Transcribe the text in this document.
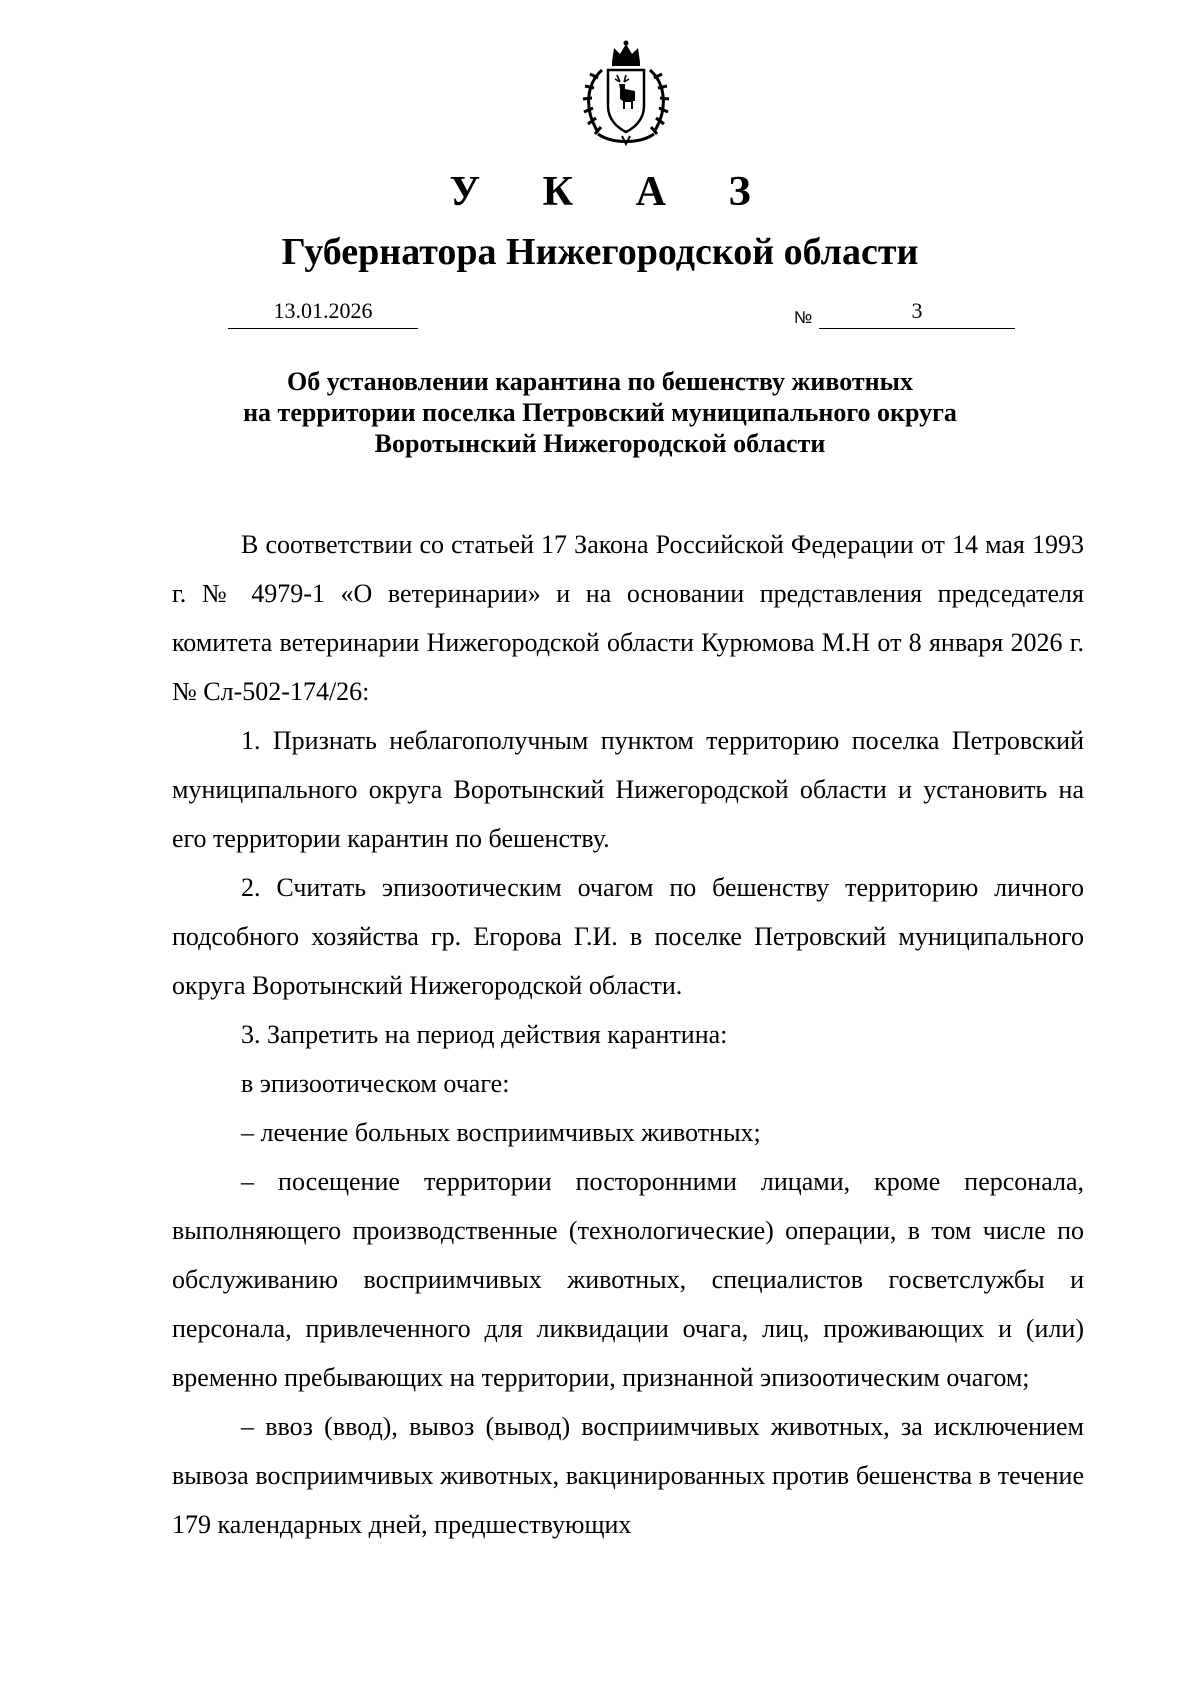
У К А З
Губернатора Нижегородской области
13.01.2026	№	3
Об установлении карантина по бешенству животных
на территории поселка Петровский муниципального округа
Воротынский Нижегородской области

В соответствии со статьей 17 Закона Российской Федерации от 14 мая 1993 г. № 4979-1 «О ветеринарии» и на основании представления председателя комитета ветеринарии Нижегородской области Курюмова М.Н от 8 января 2026 г. № Сл-502-174/26:

1. Признать неблагополучным пунктом территорию поселка Петровский муниципального округа Воротынский Нижегородской области и установить на его территории карантин по бешенству.

2. Считать эпизоотическим очагом по бешенству территорию личного подсобного хозяйства гр. Егорова Г.И. в поселке Петровский муниципального округа Воротынский Нижегородской области.

3. Запретить на период действия карантина:

в эпизоотическом очаге:

– лечение больных восприимчивых животных;

– посещение территории посторонними лицами, кроме персонала, выполняющего производственные (технологические) операции, в том числе по обслуживанию восприимчивых животных, специалистов госветслужбы и персонала, привлеченного для ликвидации очага, лиц, проживающих и (или) временно пребывающих на территории, признанной эпизоотическим очагом;

– ввоз (ввод), вывоз (вывод) восприимчивых животных, за исключением вывоза восприимчивых животных, вакцинированных против бешенства в течение 179 календарных дней, предшествующих
